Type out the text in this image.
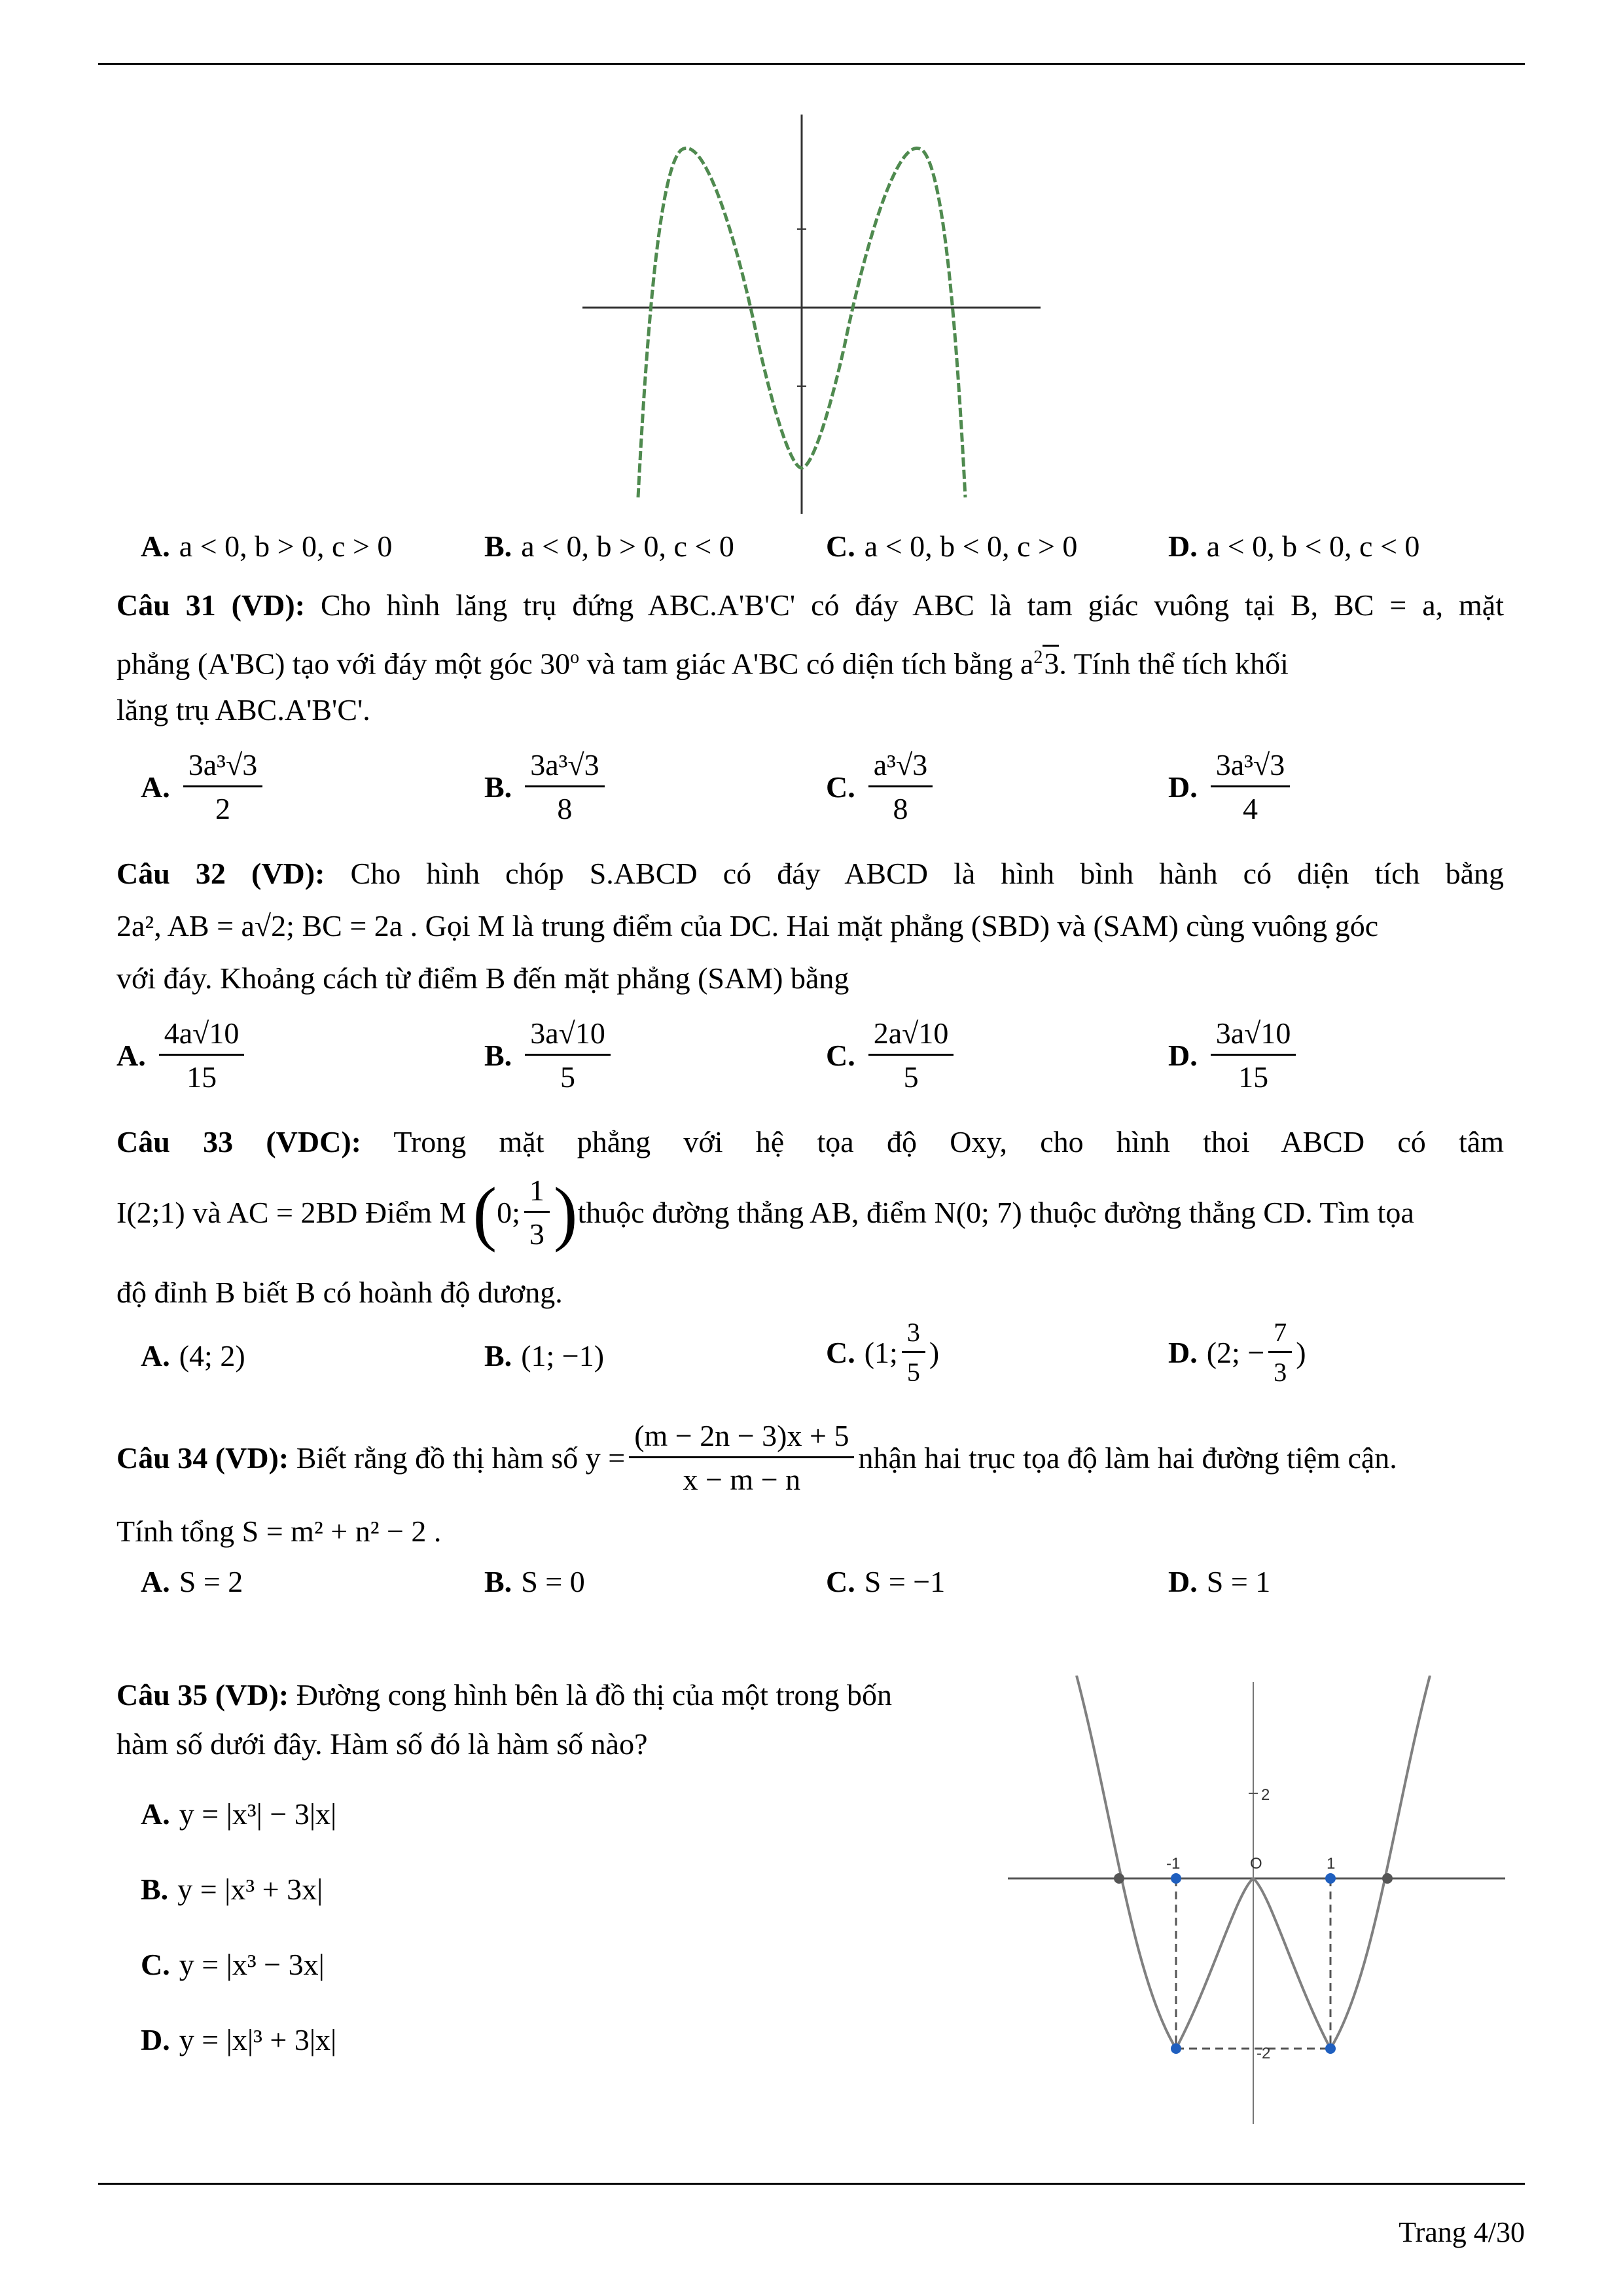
A. a < 0, b > 0, c > 0	B. a < 0, b > 0, c < 0	C. a < 0, b < 0, c > 0	D. a < 0, b < 0, c < 0
Câu 31 (VD): Cho hình lăng trụ đứng ABC.A'B'C' có đáy ABC là tam giác vuông tại B, BC = a, mặt
phẳng (A'BC) tạo với đáy một góc 30$^o$ và tam giác A'BC có diện tích bằng $a^23$. Tính thể tích khối
lăng trụ ABC.A'B'C'.
A. $\frac{\text{3a³√3}}{2}$	B. $\frac{\text{3a³√3}}{8}$	C. $\frac{\text{a³√3}}{8}$	D. $\frac{\text{3a³√3}}{4}$
Câu 32 (VD): Cho hình chóp S.ABCD có đáy ABCD là hình bình hành có diện tích bằng
2a², AB = a√2; BC = 2a . Gọi M là trung điểm của DC. Hai mặt phẳng (SBD) và (SAM) cùng vuông góc
với đáy. Khoảng cách từ điểm B đến mặt phẳng (SAM) bằng
A. $\frac{4a√10}{15}$	B. $\frac{3a√10}{5}$	C. $\frac{2a√10}{5}$	D. $\frac{3a√10}{15}$
Câu 33 (VDC): Trong mặt phẳng với hệ tọa độ Oxy, cho hình thoi ABCD có tâm
I(2;1) và AC = 2BD Điểm M ( 0; $\frac{1}{3}$ ) thuộc đường thẳng AB, điểm N(0; 7) thuộc đường thẳng CD. Tìm tọa
độ đỉnh B biết B có hoành độ dương.
A. (4; 2)	B. (1; −1)	C. (1; $\frac{3}{5}$ )	D. (2; − $\frac{7}{3}$ )
Câu 34 (VD):
Biết rằng đồ thị hàm số $y = \frac{(m - 2n - 3)x + 5}{x - m - n}$ nhận hai trục tọa độ làm hai đường tiệm cận.
Tính tổng S = m² + n² − 2 .
A. S = 2	B. S = 0	C. S = −1	D. S = 1
Câu 35 (VD): Đường cong hình bên là đồ thị của một trong bốn
hàm số dưới đây. Hàm số đó là hàm số nào?
A. y = |x³| − 3|x|
B. y = |x³ + 3x|
C. y = |x³ − 3x|
D. y = |x|³ + 3|x|
2
-1	O	1
-2
Trang 4/30
